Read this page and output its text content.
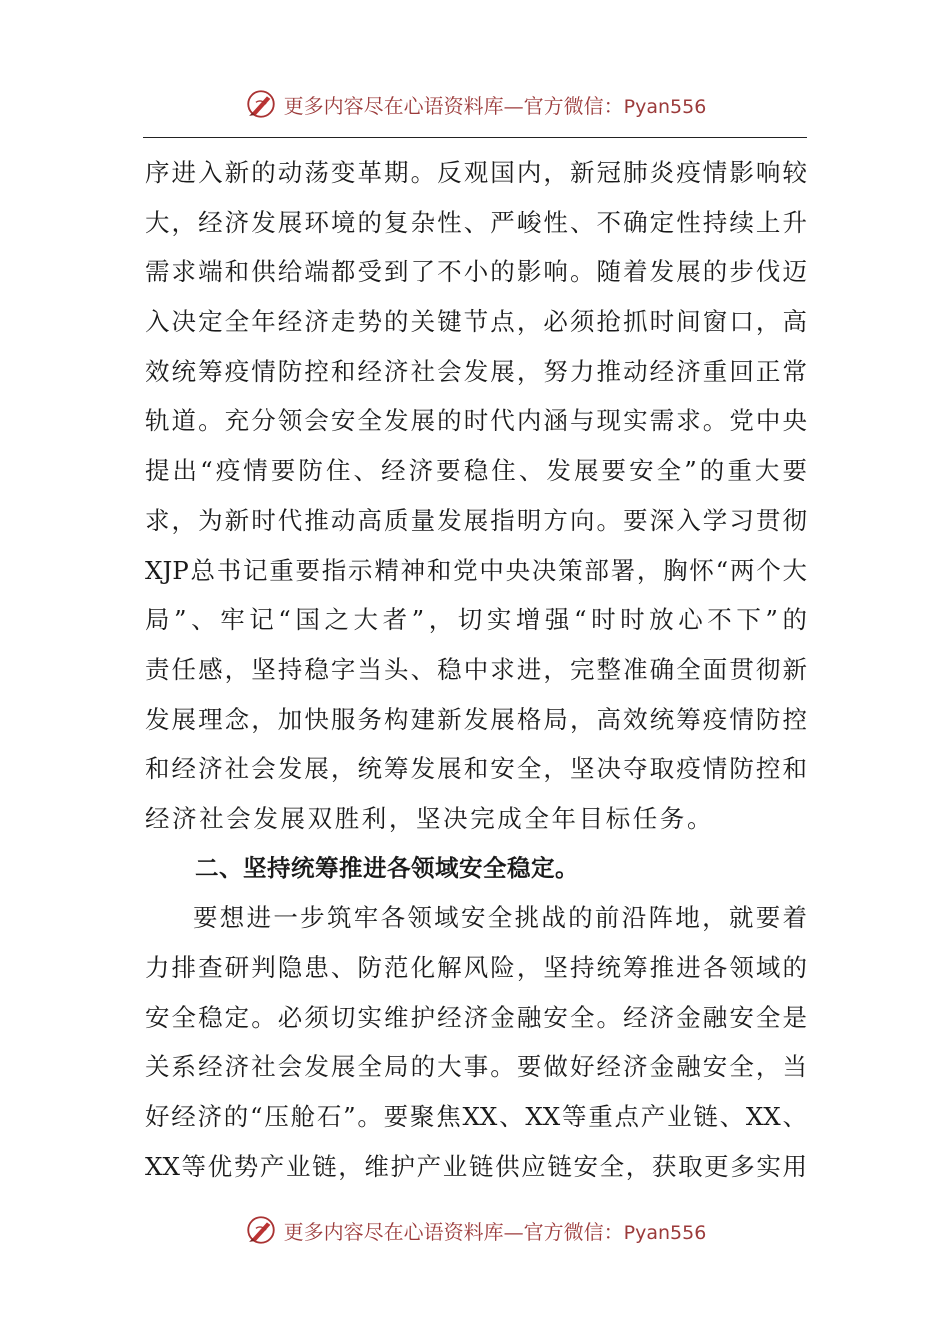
更多内容尽在心语资料库—官方微信：Pyan556
序进入新的动荡变革期。反观国内，新冠肺炎疫情影响较
大，经济发展环境的复杂性、严峻性、不确定性持续上升
需求端和供给端都受到了不小的影响。随着发展的步伐迈
入决定全年经济走势的关键节点，必须抢抓时间窗口，高
效统筹疫情防控和经济社会发展，努力推动经济重回正常
轨道。充分领会安全发展的时代内涵与现实需求。党中央
提出“疫情要防住、经济要稳住、发展要安全”的重大要
求，为新时代推动高质量发展指明方向。要深入学习贯彻
XJP总书记重要指示精神和党中央决策部署，胸怀“两个大
局”、牢记“国之大者”，切实增强“时时放心不下”的
责任感，坚持稳字当头、稳中求进，完整准确全面贯彻新
发展理念，加快服务构建新发展格局，高效统筹疫情防控
和经济社会发展，统筹发展和安全，坚决夺取疫情防控和
经济社会发展双胜利，坚决完成全年目标任务。
二、坚持统筹推进各领域安全稳定。
要想进一步筑牢各领域安全挑战的前沿阵地，就要着
力排查研判隐患、防范化解风险，坚持统筹推进各领域的
安全稳定。必须切实维护经济金融安全。经济金融安全是
关系经济社会发展全局的大事。要做好经济金融安全，当
好经济的“压舱石”。要聚焦XX、XX等重点产业链、XX、
XX等优势产业链，维护产业链供应链安全，获取更多实用
更多内容尽在心语资料库—官方微信：Pyan556
